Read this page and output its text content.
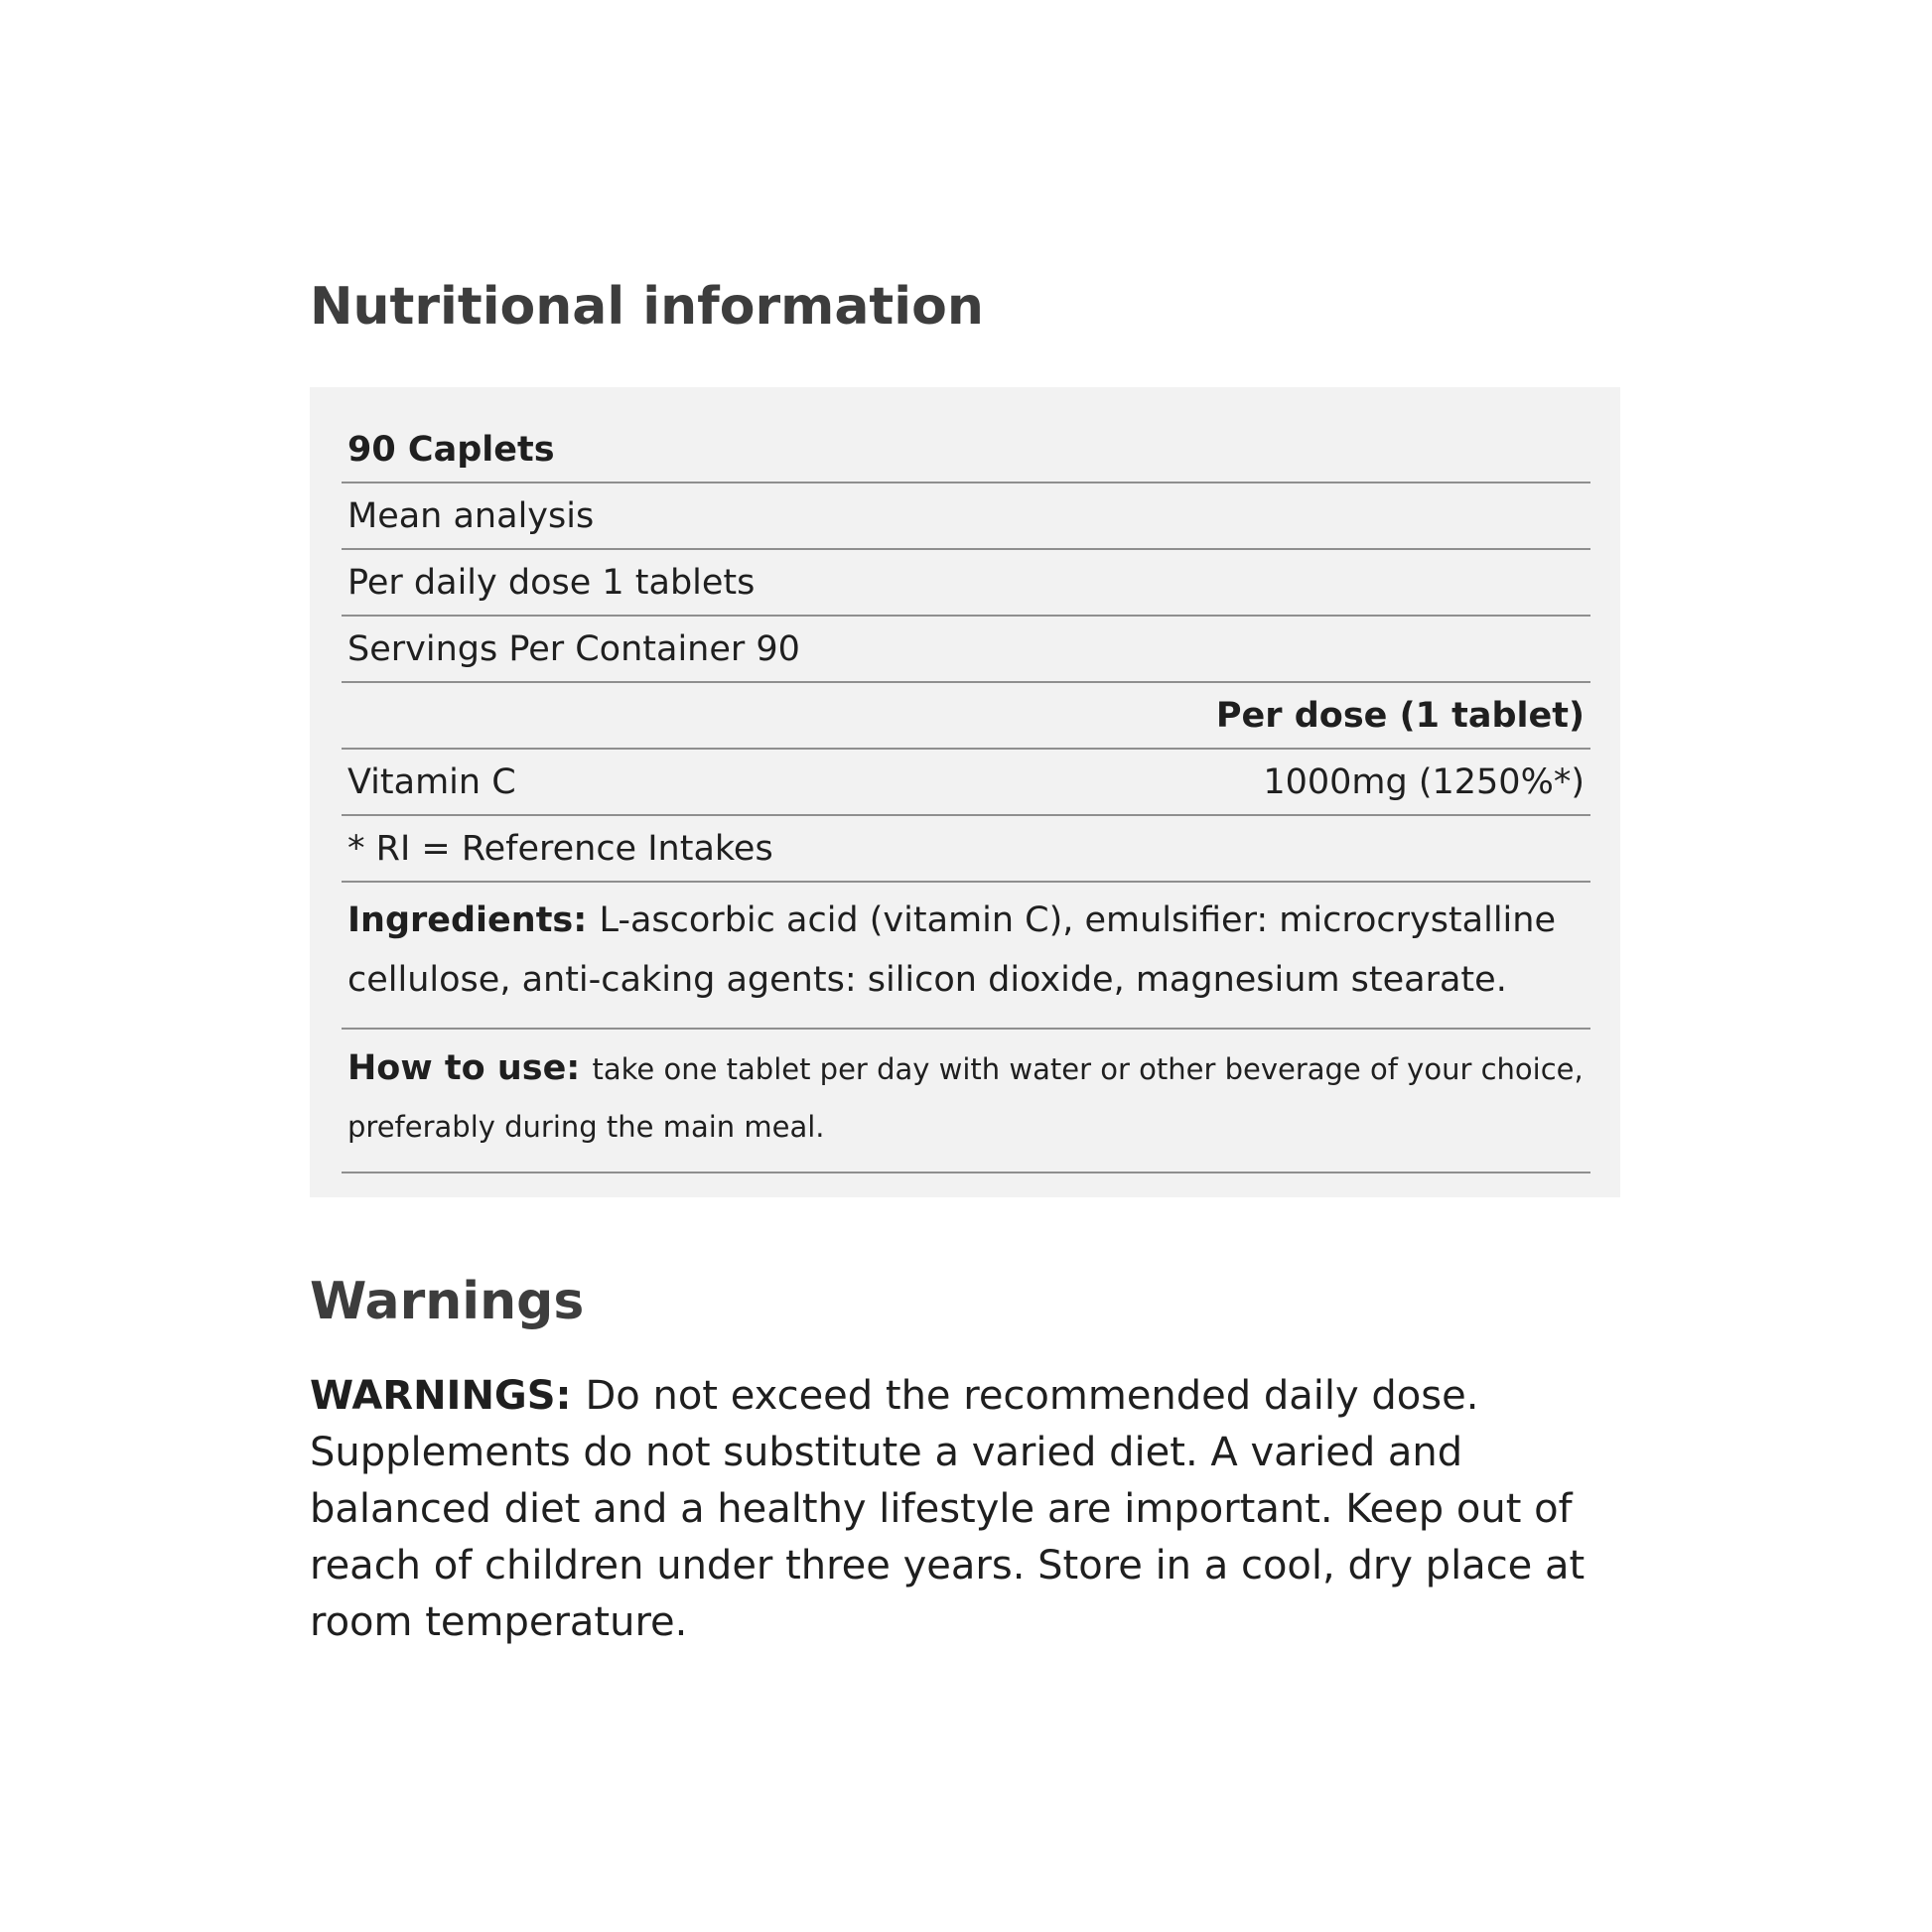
Nutritional information
90 Caplets
Mean analysis
Per daily dose 1 tablets
Servings Per Container 90
Per dose (1 tablet)
Vitamin C	1000mg (1250%*)
* RI = Reference Intakes
Ingredients: L-ascorbic acid (vitamin C), emulsifier: microcrystalline cellulose, anti-caking agents: silicon dioxide, magnesium stearate.
How to use: take one tablet per day with water or other beverage of your choice, preferably during the main meal.
Warnings

WARNINGS: Do not exceed the recommended daily dose. Supplements do not substitute a varied diet. A varied and balanced diet and a healthy lifestyle are important. Keep out of reach of children under three years. Store in a cool, dry place at room temperature.
